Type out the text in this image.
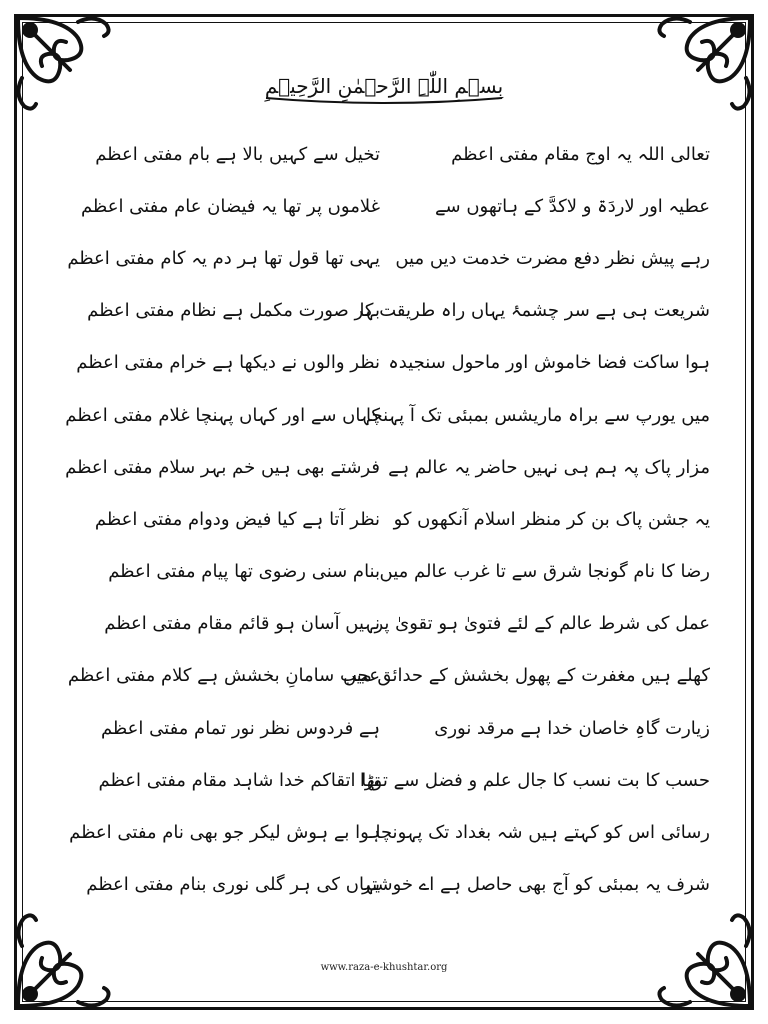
بِسۡمِ اللّٰہِ الرَّحۡمٰنِ الرَّحِیۡمِ
تعالی اللہ یہ اوج مقام مفتی اعظم
تخیل سے کہیں بالا ہے بام مفتی اعظم
عطیہ اور لاردَۃ و لاکدَّ کے ہاتھوں سے
غلاموں پر تھا یہ فیضان عام مفتی اعظم
رہے پیش نظر دفع مضرت خدمت دیں میں
یہی تھا قول تھا ہر دم یہ کام مفتی اعظم
شریعت ہی ہے سر چشمۂ یہاں راہ طریقت کا
بہر صورت مکمل ہے نظام مفتی اعظم
ہوا ساکت فضا خاموش اور ماحول سنجیدہ
نظر والوں نے دیکھا ہے خرام مفتی اعظم
میں یورپ سے براہ ماریشس بمبئی تک آ پہنچا
کہاں سے اور کہاں پہنچا غلام مفتی اعظم
مزار پاک پہ ہم ہی نہیں حاضر یہ عالم ہے
فرشتے بھی ہیں خم بہر سلام مفتی اعظم
یہ جشن پاک بن کر منظر اسلام آنکھوں کو
نظر آتا ہے کیا فیض ودوام مفتی اعظم
رضا کا نام گونجا شرق سے تا غرب عالم میں
بنام سنی رضوی تھا پیام مفتی اعظم
عمل کی شرط عالم کے لئے فتویٰ ہو تقویٰ پر
نہیں آسان ہو قائم مقام مفتی اعظم
کھلے ہیں مغفرت کے پھول بخشش کے حدائق میں
عجب سامانِ بخشش ہے کلام مفتی اعظم
زیارت گاہِ خاصان خدا ہے مرقد نوری
ہے فردوس نظر نور تمام مفتی اعظم
حسب کا بت نسب کا جال علم و فضل سے توڑا
تھا اتقاکم خدا شاہد مقام مفتی اعظم
رسائی اس کو کہتے ہیں شہ بغداد تک پہونچا
ہوا بے ہوش لیکر جو بھی نام مفتی اعظم
شرف یہ بمبئی کو آج بھی حاصل ہے اے خوشتر
یہاں کی ہر گلی نوری بنام مفتی اعظم
www.raza-e-khushtar.org
